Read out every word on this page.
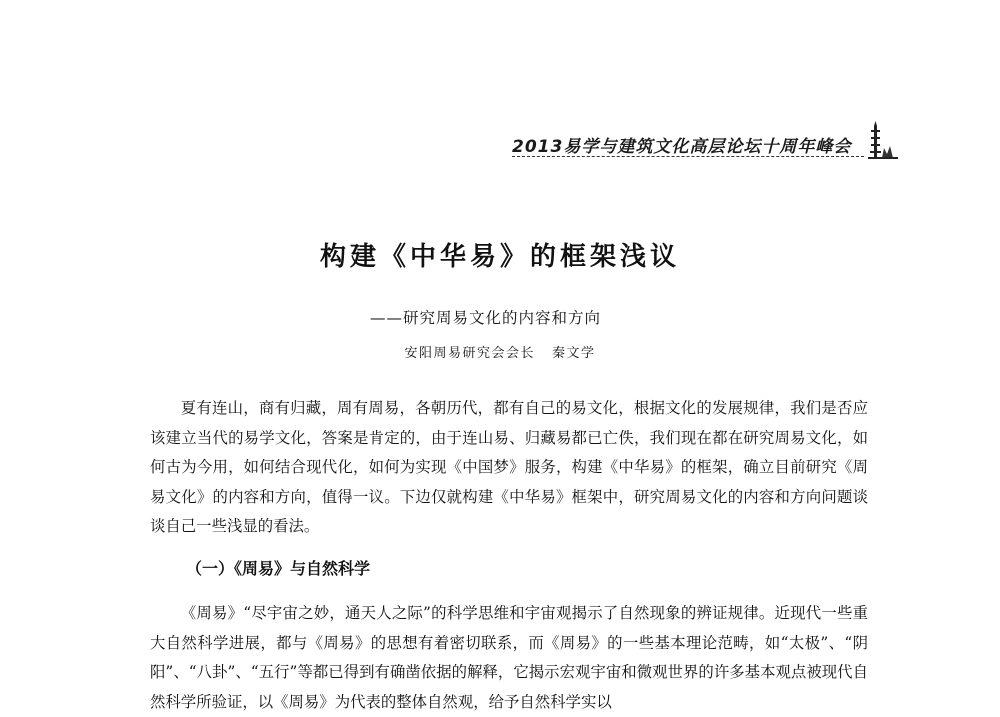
2013易学与建筑文化高层论坛十周年峰会
构建《中华易》的框架浅议
——研究周易文化的内容和方向
安阳周易研究会会长   秦文学

夏有连山，商有归藏，周有周易，各朝历代，都有自己的易文化，根据文化的发展规律，我们是否应该建立当代的易学文化，答案是肯定的，由于连山易、归藏易都已亡佚，我们现在都在研究周易文化，如何古为今用，如何结合现代化，如何为实现《中国梦》服务，构建《中华易》的框架，确立目前研究《周易文化》的内容和方向，值得一议。下边仅就构建《中华易》框架中，研究周易文化的内容和方向问题谈谈自己一些浅显的看法。

（一）《周易》与自然科学

《周易》“尽宇宙之妙，通天人之际”的科学思维和宇宙观揭示了自然现象的辨证规律。近现代一些重大自然科学进展，都与《周易》的思想有着密切联系，而《周易》的一些基本理论范畴，如“太极”、“阴阳”、“八卦”、“五行”等都已得到有确凿依据的解释，它揭示宏观宇宙和微观世界的许多基本观点被现代自然科学所验证，以《周易》为代表的整体自然观，给予自然科学实以
